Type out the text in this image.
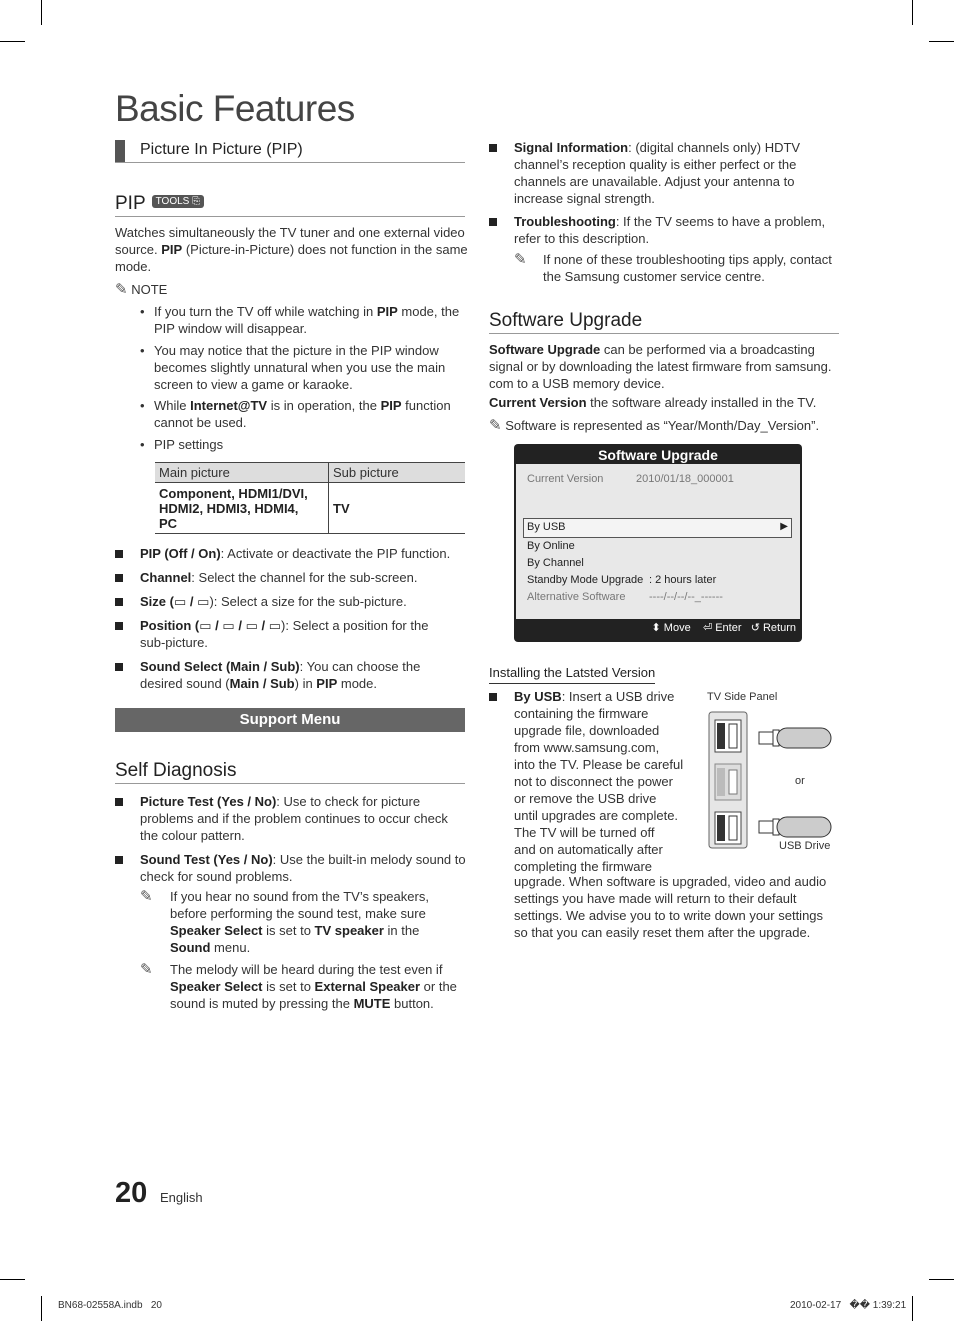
Basic Features
Picture In Picture (PIP)
PIP TOOLS ⎘
Watches simultaneously the TV tuner and one external video
source. PIP (Picture-in-Picture) does not function in the same
mode.
✎ NOTE
• If you turn the TV off while watching in PIP mode, the
PIP window will disappear.
• You may notice that the picture in the PIP window
becomes slightly unnatural when you use the main
screen to view a game or karaoke.
• While Internet@TV is in operation, the PIP function
cannot be used.
• PIP settings
Main picture	Sub picture

Component, HDMI1/DVI,
HDMI2, HDMI3, HDMI4,
PC	TV
PIP (Off / On): Activate or deactivate the PIP function.
Channel: Select the channel for the sub-screen.
Size (▭ / ▭): Select a size for the sub-picture.
Position (▭ / ▭ / ▭ / ▭): Select a position for the
sub-picture.
Sound Select (Main / Sub): You can choose the
desired sound (Main / Sub) in PIP mode.
Support Menu
Self Diagnosis
Picture Test (Yes / No): Use to check for picture
problems and if the problem continues to occur check
the colour pattern.
Sound Test (Yes / No): Use the built-in melody sound to
check for sound problems.
✎ If you hear no sound from the TV’s speakers,
before performing the sound test, make sure
Speaker Select is set to TV speaker in the
Sound menu.
✎ The melody will be heard during the test even if
Speaker Select is set to External Speaker or the
sound is muted by pressing the MUTE button.
Signal Information: (digital channels only) HDTV
channel’s reception quality is either perfect or the
channels are unavailable. Adjust your antenna to
increase signal strength.
Troubleshooting: If the TV seems to have a problem,
refer to this description.
✎ If none of these troubleshooting tips apply, contact
the Samsung customer service centre.
Software Upgrade
Software Upgrade can be performed via a broadcasting
signal or by downloading the latest firmware from samsung.
com to a USB memory device.
Current Version the software already installed in the TV.
✎ Software is represented as “Year/Month/Day_Version”.
Software Upgrade
Current Version	2010/01/18_000001
By USB	▶
By Online
By Channel
Standby Mode Upgrade : 2 hours later
Alternative Software ----/--/--/--_------
⬍ Move ⏎ Enter ↺ Return
Installing the Latsted Version
By USB: Insert a USB drive
containing the firmware
upgrade file, downloaded
from www.samsung.com,
into the TV. Please be careful
not to disconnect the power
or remove the USB drive
until upgrades are complete.
The TV will be turned off
and on automatically after
completing the firmware
upgrade. When software is upgraded, video and audio
settings you have made will return to their default
settings. We advise you to to write down your settings
so that you can easily reset them after the upgrade.
TV Side Panel
or
USB Drive
20 English
BN68-02558A.indb   20	2010-02-17   �� 1:39:21
